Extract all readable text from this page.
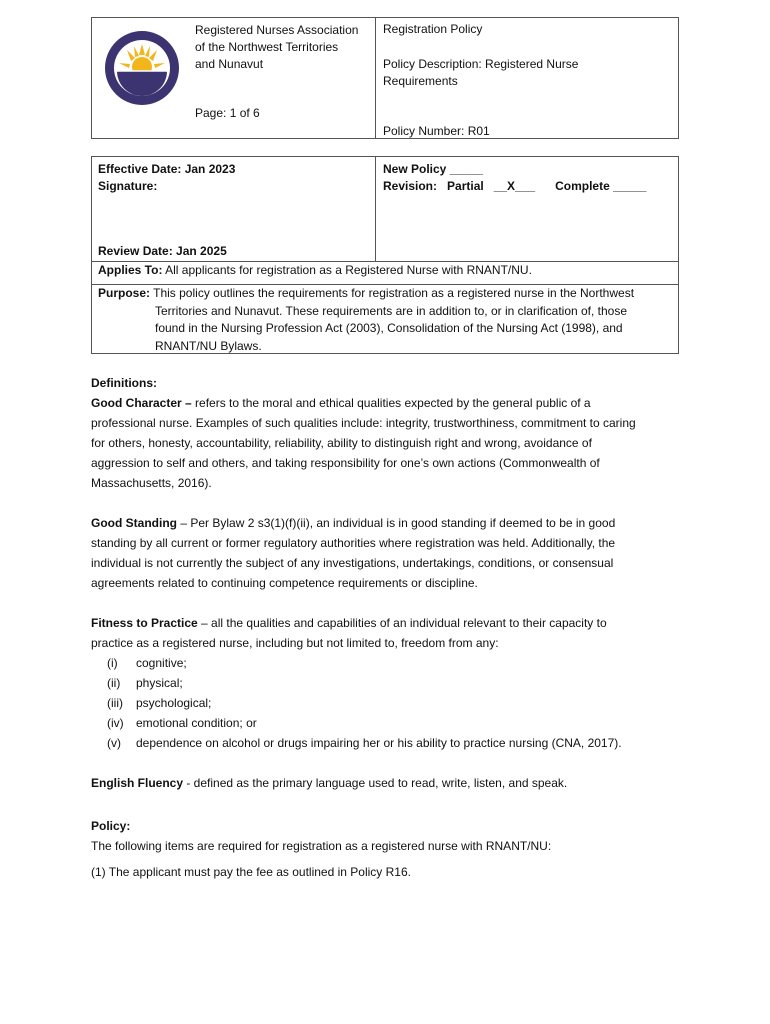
Registered Nurses Association
of the Northwest Territories
and Nunavut
Page: 1 of 6
Registration Policy
Policy Description: Registered Nurse
Requirements
Policy Number: R01
Effective Date: Jan 2023
Signature:
Review Date: Jan 2025
New Policy _____
Revision:   Partial   __X___      Complete _____
Applies To: All applicants for registration as a Registered Nurse with RNANT/NU.
Purpose: This policy outlines the requirements for registration as a registered nurse in the Northwest
Territories and Nunavut. These requirements are in addition to, or in clarification of, those
found in the Nursing Profession Act (2003), Consolidation of the Nursing Act (1998), and
RNANT/NU Bylaws.

Definitions:

Good Character – refers to the moral and ethical qualities expected by the general public of a

professional nurse. Examples of such qualities include: integrity, trustworthiness, commitment to caring

for others, honesty, accountability, reliability, ability to distinguish right and wrong, avoidance of

aggression to self and others, and taking responsibility for one’s own actions (Commonwealth of

Massachusetts, 2016).

Good Standing – Per Bylaw 2 s3(1)(f)(ii), an individual is in good standing if deemed to be in good

standing by all current or former regulatory authorities where registration was held. Additionally, the

individual is not currently the subject of any investigations, undertakings, conditions, or consensual

agreements related to continuing competence requirements or discipline.

Fitness to Practice – all the qualities and capabilities of an individual relevant to their capacity to

practice as a registered nurse, including but not limited to, freedom from any:

(i) cognitive;
(ii) physical;
(iii) psychological;
(iv) emotional condition; or
(v) dependence on alcohol or drugs impairing her or his ability to practice nursing (CNA, 2017).

English Fluency - defined as the primary language used to read, write, listen, and speak.

Policy:

The following items are required for registration as a registered nurse with RNANT/NU:

(1) The applicant must pay the fee as outlined in Policy R16.
